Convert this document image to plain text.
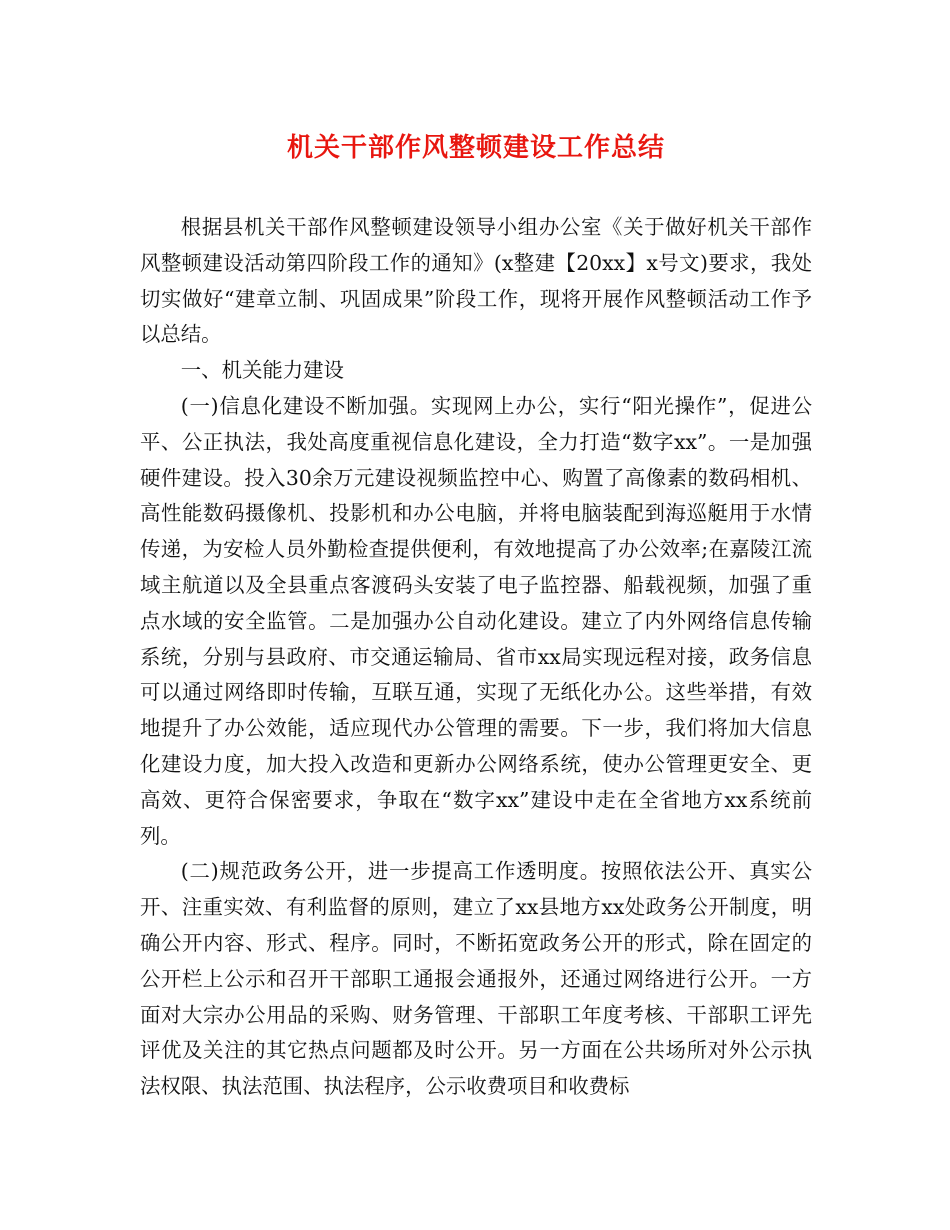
机关干部作风整顿建设工作总结

根据县机关干部作风整顿建设领导小组办公室《关于做好机关干部作风整顿建设活动第四阶段工作的通知》(x整建【20xx】x号文)要求，我处切实做好“建章立制、巩固成果”阶段工作，现将开展作风整顿活动工作予以总结。

一、机关能力建设

(一)信息化建设不断加强。实现网上办公，实行“阳光操作”，促进公平、公正执法，我处高度重视信息化建设，全力打造“数字xx”。一是加强硬件建设。投入30余万元建设视频监控中心、购置了高像素的数码相机、高性能数码摄像机、投影机和办公电脑，并将电脑装配到海巡艇用于水情传递，为安检人员外勤检查提供便利，有效地提高了办公效率;在嘉陵江流域主航道以及全县重点客渡码头安装了电子监控器、船载视频，加强了重点水域的安全监管。二是加强办公自动化建设。建立了内外网络信息传输系统，分别与县政府、市交通运输局、省市xx局实现远程对接，政务信息可以通过网络即时传输，互联互通，实现了无纸化办公。这些举措，有效地提升了办公效能，适应现代办公管理的需要。下一步，我们将加大信息化建设力度，加大投入改造和更新办公网络系统，使办公管理更安全、更高效、更符合保密要求，争取在“数字xx”建设中走在全省地方xx系统前列。

(二)规范政务公开，进一步提高工作透明度。按照依法公开、真实公开、注重实效、有利监督的原则，建立了xx县地方xx处政务公开制度，明确公开内容、形式、程序。同时，不断拓宽政务公开的形式，除在固定的公开栏上公示和召开干部职工通报会通报外，还通过网络进行公开。一方面对大宗办公用品的采购、财务管理、干部职工年度考核、干部职工评先评优及关注的其它热点问题都及时公开。另一方面在公共场所对外公示执法权限、执法范围、执法程序，公示收费项目和收费标
